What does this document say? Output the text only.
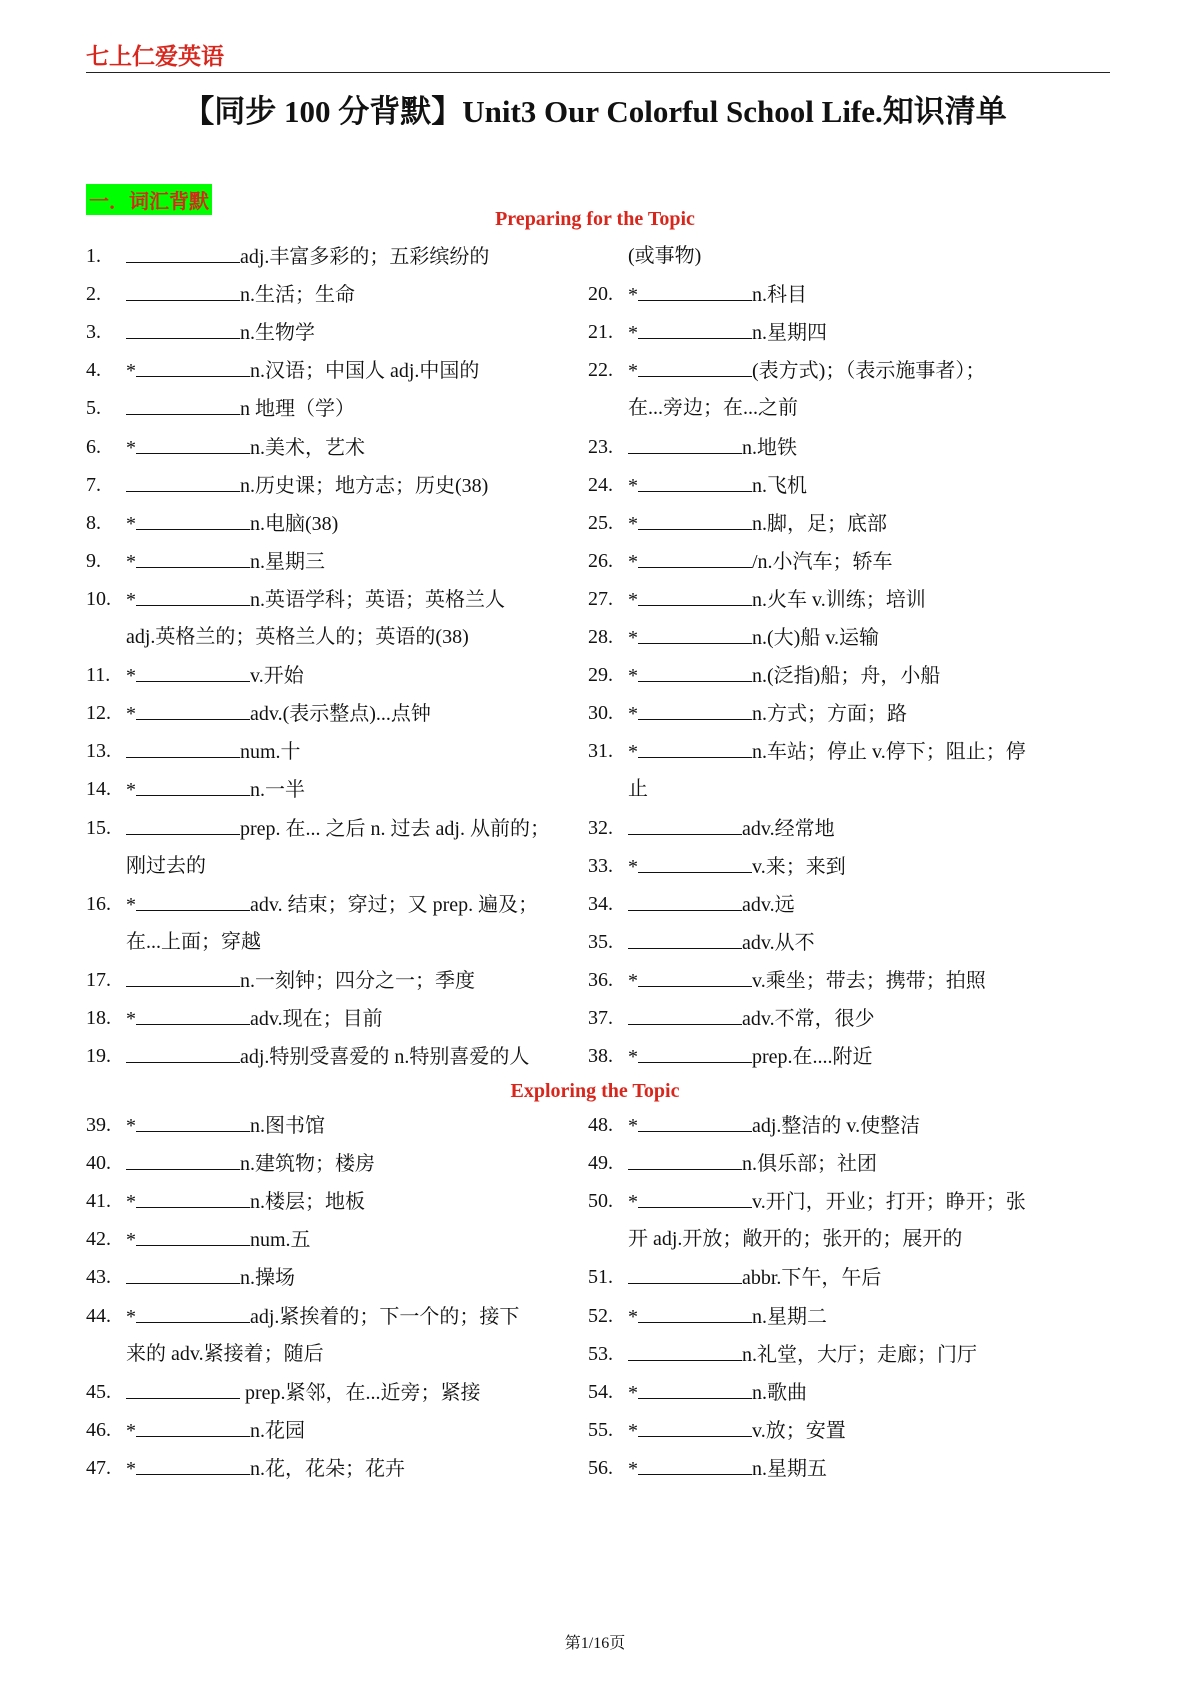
七上仁爱英语
【同步 100 分背默】Unit3 Our Colorful School Life.知识清单
一．词汇背默
Preparing for the Topic
Exploring the Topic
1.	adj.丰富多彩的；五彩缤纷的
2.	n.生活；生命
3.	n.生物学
4. *	n.汉语；中国人 adj.中国的
5.	n 地理（学）
6. *	n.美术，艺术
7.	n.历史课；地方志；历史(38)
8. *	n.电脑(38)
9. *	n.星期三
10. *	n.英语学科；英语；英格兰人
adj.英格兰的；英格兰人的；英语的(38)
11. *	v.开始
12. *	adv.(表示整点)...点钟
13.	num.十
14. *	n.一半
15.	prep. 在... 之后 n. 过去 adj. 从前的；
刚过去的
16. *	adv. 结束；穿过；又 prep. 遍及；
在...上面；穿越
17.	n.一刻钟；四分之一；季度
18. *	adv.现在；目前
19.	adj.特别受喜爱的 n.特别喜爱的人
39. *	n.图书馆
40.	n.建筑物；楼房
41. *	n.楼层；地板
42. *	num.五
43.	n.操场
44. *	adj.紧挨着的；下一个的；接下
来的 adv.紧接着；随后
45.	prep.紧邻，在...近旁；紧接
46. *	n.花园
47. *	n.花，花朵；花卉
(或事物)
20. *	n.科目
21. *	n.星期四
22. *	(表方式)；（表示施事者）；
在...旁边；在...之前
23.	n.地铁
24. *	n.飞机
25. *	n.脚，足；底部
26. *	/n.小汽车；轿车
27. *	n.火车 v.训练；培训
28. *	n.(大)船 v.运输
29. *	n.(泛指)船；舟，小船
30. *	n.方式；方面；路
31. *	n.车站；停止 v.停下；阻止；停
止
32.	adv.经常地
33. *	v.来；来到
34.	adv.远
35.	adv.从不
36. *	v.乘坐；带去；携带；拍照
37.	adv.不常，很少
38. *	prep.在....附近
48. *	adj.整洁的 v.使整洁
49.	n.俱乐部；社团
50. *	v.开门，开业；打开；睁开；张
开 adj.开放；敞开的；张开的；展开的
51.	abbr.下午，午后
52. *	n.星期二
53.	n.礼堂，大厅；走廊；门厅
54. *	n.歌曲
55. *	v.放；安置
56. *	n.星期五
第1/16页
